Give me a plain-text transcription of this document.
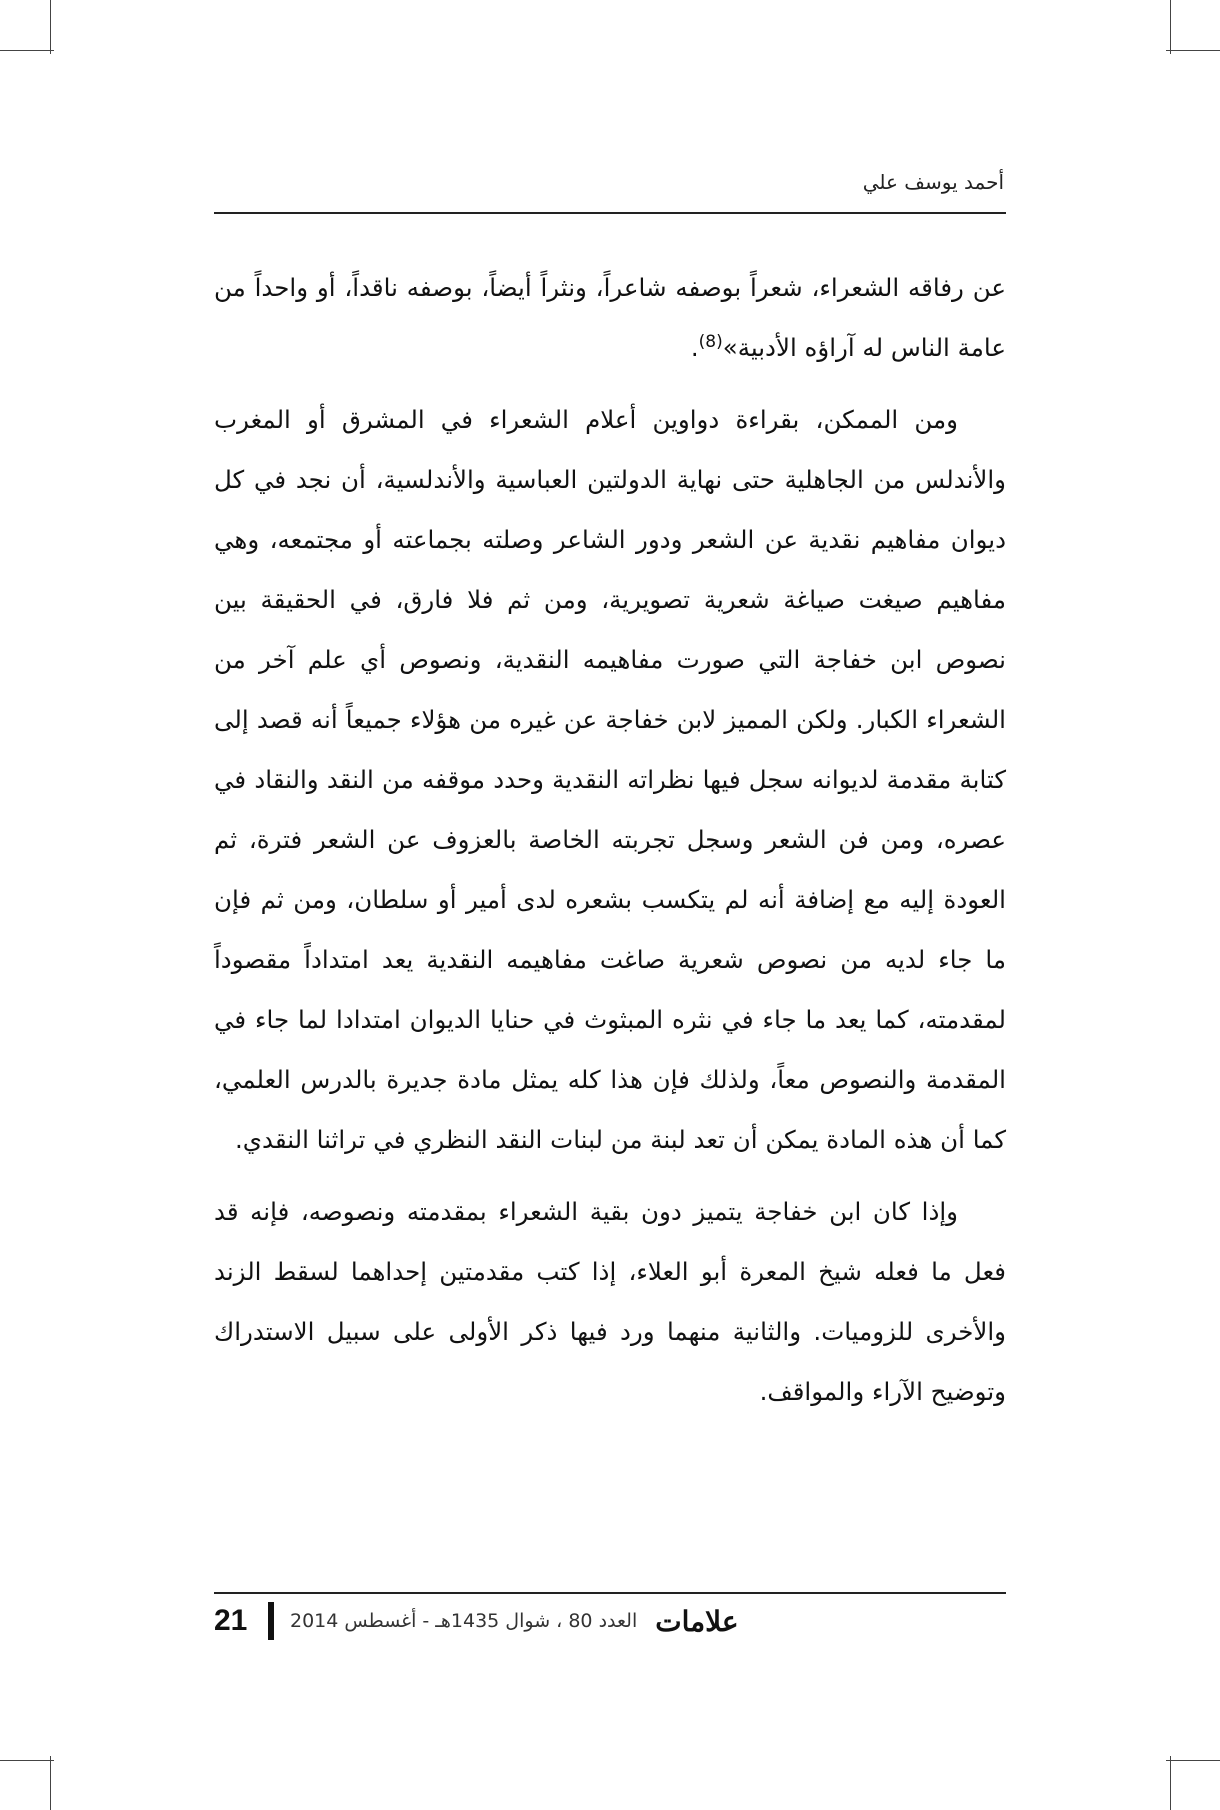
أحمد يوسف علي

عن رفاقه الشعراء، شعراً بوصفه شاعراً، ونثراً أيضاً، بوصفه ناقداً، أو واحداً من عامة الناس له آراؤه الأدبية»$^{(8)}$.

ومن الممكن، بقراءة دواوين أعلام الشعراء في المشرق أو المغرب والأندلس من الجاهلية حتى نهاية الدولتين العباسية والأندلسية، أن نجد في كل ديوان مفاهيم نقدية عن الشعر ودور الشاعر وصلته بجماعته أو مجتمعه، وهي مفاهيم صيغت صياغة شعرية تصويرية، ومن ثم فلا فارق، في الحقيقة بين نصوص ابن خفاجة التي صورت مفاهيمه النقدية، ونصوص أي علم آخر من الشعراء الكبار. ولكن المميز لابن خفاجة عن غيره من هؤلاء جميعاً أنه قصد إلى كتابة مقدمة لديوانه سجل فيها نظراته النقدية وحدد موقفه من النقد والنقاد في عصره، ومن فن الشعر وسجل تجربته الخاصة بالعزوف عن الشعر فترة، ثم العودة إليه مع إضافة أنه لم يتكسب بشعره لدى أمير أو سلطان، ومن ثم فإن ما جاء لديه من نصوص شعرية صاغت مفاهيمه النقدية يعد امتداداً مقصوداً لمقدمته، كما يعد ما جاء في نثره المبثوث في حنايا الديوان امتدادا لما جاء في المقدمة والنصوص معاً، ولذلك فإن هذا كله يمثل مادة جديرة بالدرس العلمي، كما أن هذه المادة يمكن أن تعد لبنة من لبنات النقد النظري في تراثنا النقدي.

وإذا كان ابن خفاجة يتميز دون بقية الشعراء بمقدمته ونصوصه، فإنه قد فعل ما فعله شيخ المعرة أبو العلاء، إذا كتب مقدمتين إحداهما لسقط الزند والأخرى للزوميات. والثانية منهما ورد فيها ذكر الأولى على سبيل الاستدراك وتوضيح الآراء والمواقف.

21	العدد 80 ، شوال 1435هـ - أغسطس 2014 علامات
